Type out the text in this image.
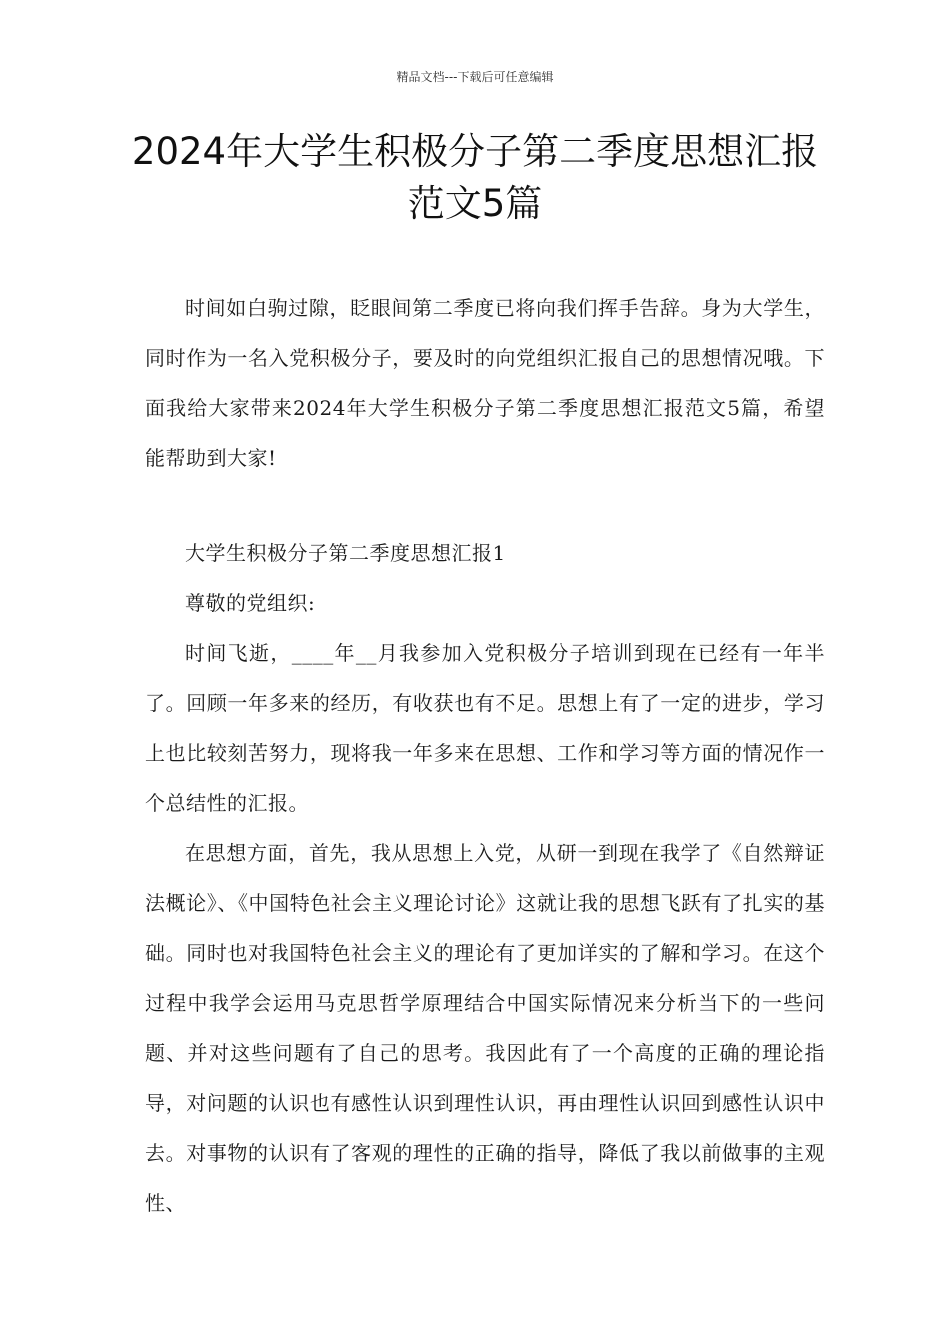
精品文档---下载后可任意编辑
2024年大学生积极分子第二季度思想汇报范文5篇

时间如白驹过隙，眨眼间第二季度已将向我们挥手告辞。身为大学生，同时作为一名入党积极分子，要及时的向党组织汇报自己的思想情况哦。下面我给大家带来2024年大学生积极分子第二季度思想汇报范文5篇，希望能帮助到大家!

大学生积极分子第二季度思想汇报1

尊敬的党组织:

时间飞逝，____年__月我参加入党积极分子培训到现在已经有一年半了。回顾一年多来的经历，有收获也有不足。思想上有了一定的进步，学习上也比较刻苦努力，现将我一年多来在思想、工作和学习等方面的情况作一个总结性的汇报。

在思想方面，首先，我从思想上入党，从研一到现在我学了《自然辩证法概论》、《中国特色社会主义理论讨论》这就让我的思想飞跃有了扎实的基础。同时也对我国特色社会主义的理论有了更加详实的了解和学习。在这个过程中我学会运用马克思哲学原理结合中国实际情况来分析当下的一些问题、并对这些问题有了自己的思考。我因此有了一个高度的正确的理论指导，对问题的认识也有感性认识到理性认识，再由理性认识回到感性认识中去。对事物的认识有了客观的理性的正确的指导，降低了我以前做事的主观性、
